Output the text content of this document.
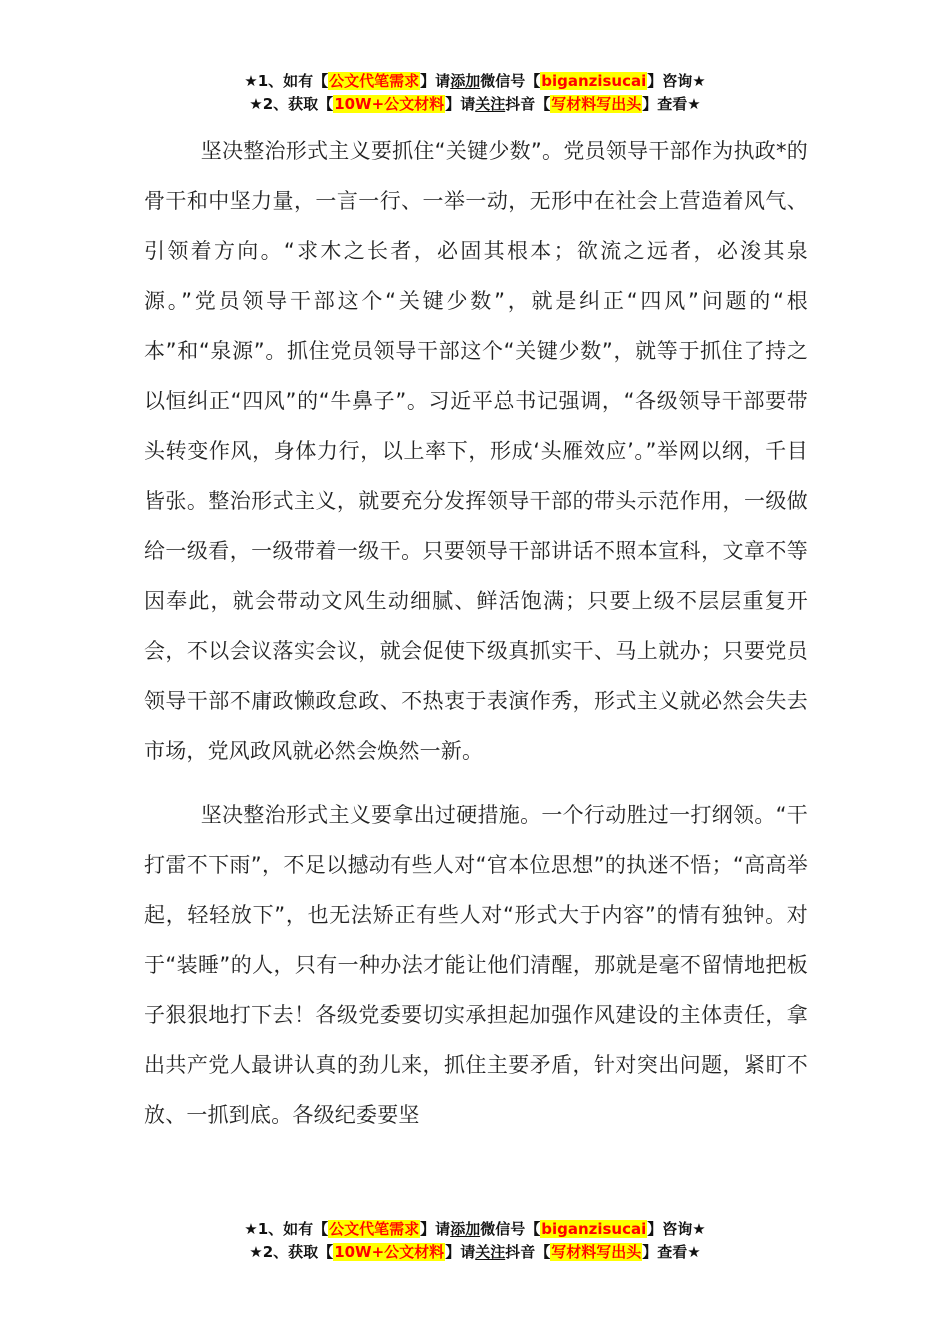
★1、如有【公文代笔需求】请添加微信号【biganzisucai】咨询★
★2、获取【10W+公文材料】请关注抖音【写材料写出头】查看★

坚决整治形式主义要抓住“关键少数”。党员领导干部作为执政*的骨干和中坚力量，一言一行、一举一动，无形中在社会上营造着风气、引领着方向。“求木之长者，必固其根本；欲流之远者，必浚其泉源。”党员领导干部这个“关键少数”，就是纠正“四风”问题的“根本”和“泉源”。抓住党员领导干部这个“关键少数”，就等于抓住了持之以恒纠正“四风”的“牛鼻子”。习近平总书记强调，“各级领导干部要带头转变作风，身体力行，以上率下，形成‘头雁效应’。”举网以纲，千目皆张。整治形式主义，就要充分发挥领导干部的带头示范作用，一级做给一级看，一级带着一级干。只要领导干部讲话不照本宣科，文章不等因奉此，就会带动文风生动细腻、鲜活饱满；只要上级不层层重复开会，不以会议落实会议，就会促使下级真抓实干、马上就办；只要党员领导干部不庸政懒政怠政、不热衷于表演作秀，形式主义就必然会失去市场，党风政风就必然会焕然一新。

坚决整治形式主义要拿出过硬措施。一个行动胜过一打纲领。“干打雷不下雨”，不足以撼动有些人对“官本位思想”的执迷不悟；“高高举起，轻轻放下”，也无法矫正有些人对“形式大于内容”的情有独钟。对于“装睡”的人，只有一种办法才能让他们清醒，那就是毫不留情地把板子狠狠地打下去！各级党委要切实承担起加强作风建设的主体责任，拿出共产党人最讲认真的劲儿来，抓住主要矛盾，针对突出问题，紧盯不放、一抓到底。各级纪委要坚

★1、如有【公文代笔需求】请添加微信号【biganzisucai】咨询★
★2、获取【10W+公文材料】请关注抖音【写材料写出头】查看★
